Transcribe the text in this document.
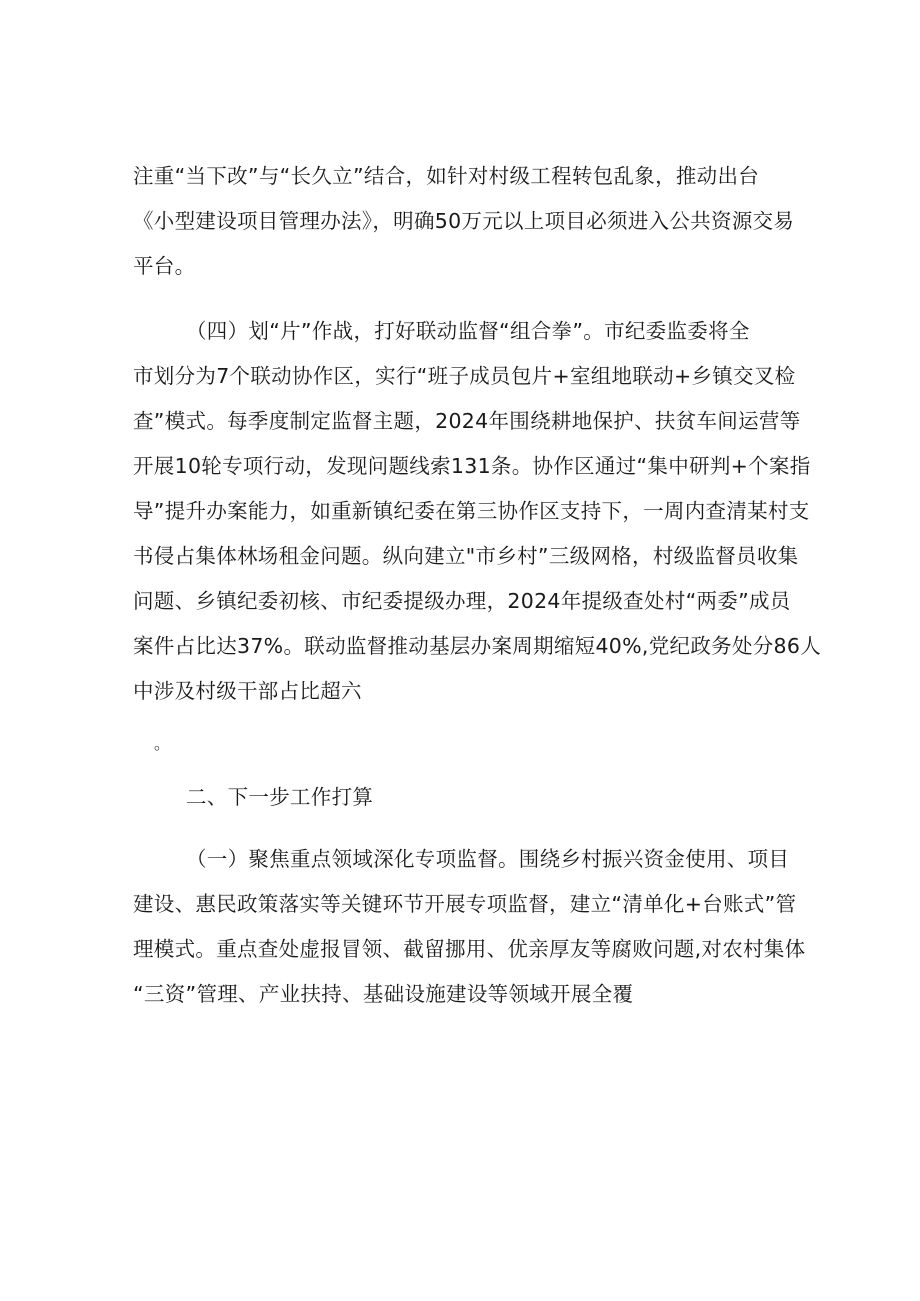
注重“当下改”与“长久立”结合，如针对村级工程转包乱象，推动出台
《小型建设项目管理办法》，明确50万元以上项目必须进入公共资源交易
平台。
（四）划“片”作战，打好联动监督“组合拳”。市纪委监委将全
市划分为7个联动协作区，实行“班子成员包片+室组地联动+乡镇交叉检
查”模式。每季度制定监督主题，2024年围绕耕地保护、扶贫车间运营等
开展10轮专项行动，发现问题线索131条。协作区通过“集中研判+个案指
导”提升办案能力，如重新镇纪委在第三协作区支持下，一周内查清某村支
书侵占集体林场租金问题。纵向建立"市乡村”三级网格，村级监督员收集
问题、乡镇纪委初核、市纪委提级办理，2024年提级查处村“两委”成员
案件占比达37%。联动监督推动基层办案周期缩短40%,党纪政务处分86人
中涉及村级干部占比超六
。
二、下一步工作打算
（一）聚焦重点领域深化专项监督。围绕乡村振兴资金使用、项目
建设、惠民政策落实等关键环节开展专项监督，建立“清单化+台账式”管
理模式。重点查处虚报冒领、截留挪用、优亲厚友等腐败问题,对农村集体
“三资”管理、产业扶持、基础设施建设等领域开展全覆
